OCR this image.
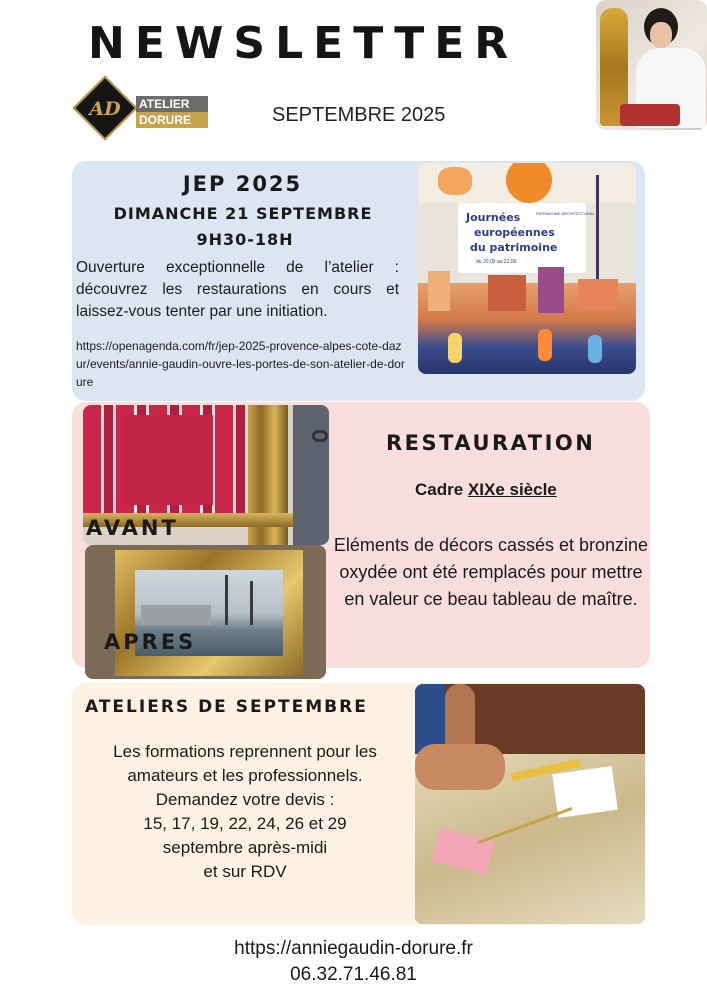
NEWSLETTER
AD	ATELIER
DORURE	SEPTEMBRE 2025
JEP 2025
DIMANCHE 21 SEPTEMBRE
9H30-18H
Ouverture exceptionnelle de l’atelier : découvrez les restaurations en cours et laissez-vous tenter par une initiation.
https://openagenda.com/fr/jep-2025-provence-alpes-cote-dazur/events/annie-gaudin-ouvre-les-portes-de-son-atelier-de-dorure
PATRIMOINE ARCHITECTURAL
Journées
européennes
du patrimoine
du 20.09 au 21.09
AVANT
APRES
RESTAURATION
Cadre XIXe siècle
Eléments de décors cassés et bronzine oxydée ont été remplacés pour mettre en valeur ce beau tableau de maître.
ATELIERS DE SEPTEMBRE
Les formations reprennent pour les
amateurs et les professionnels.
Demandez votre devis :
15, 17, 19, 22, 24, 26 et 29
septembre après-midi
et sur RDV
https://anniegaudin-dorure.fr
06.32.71.46.81
